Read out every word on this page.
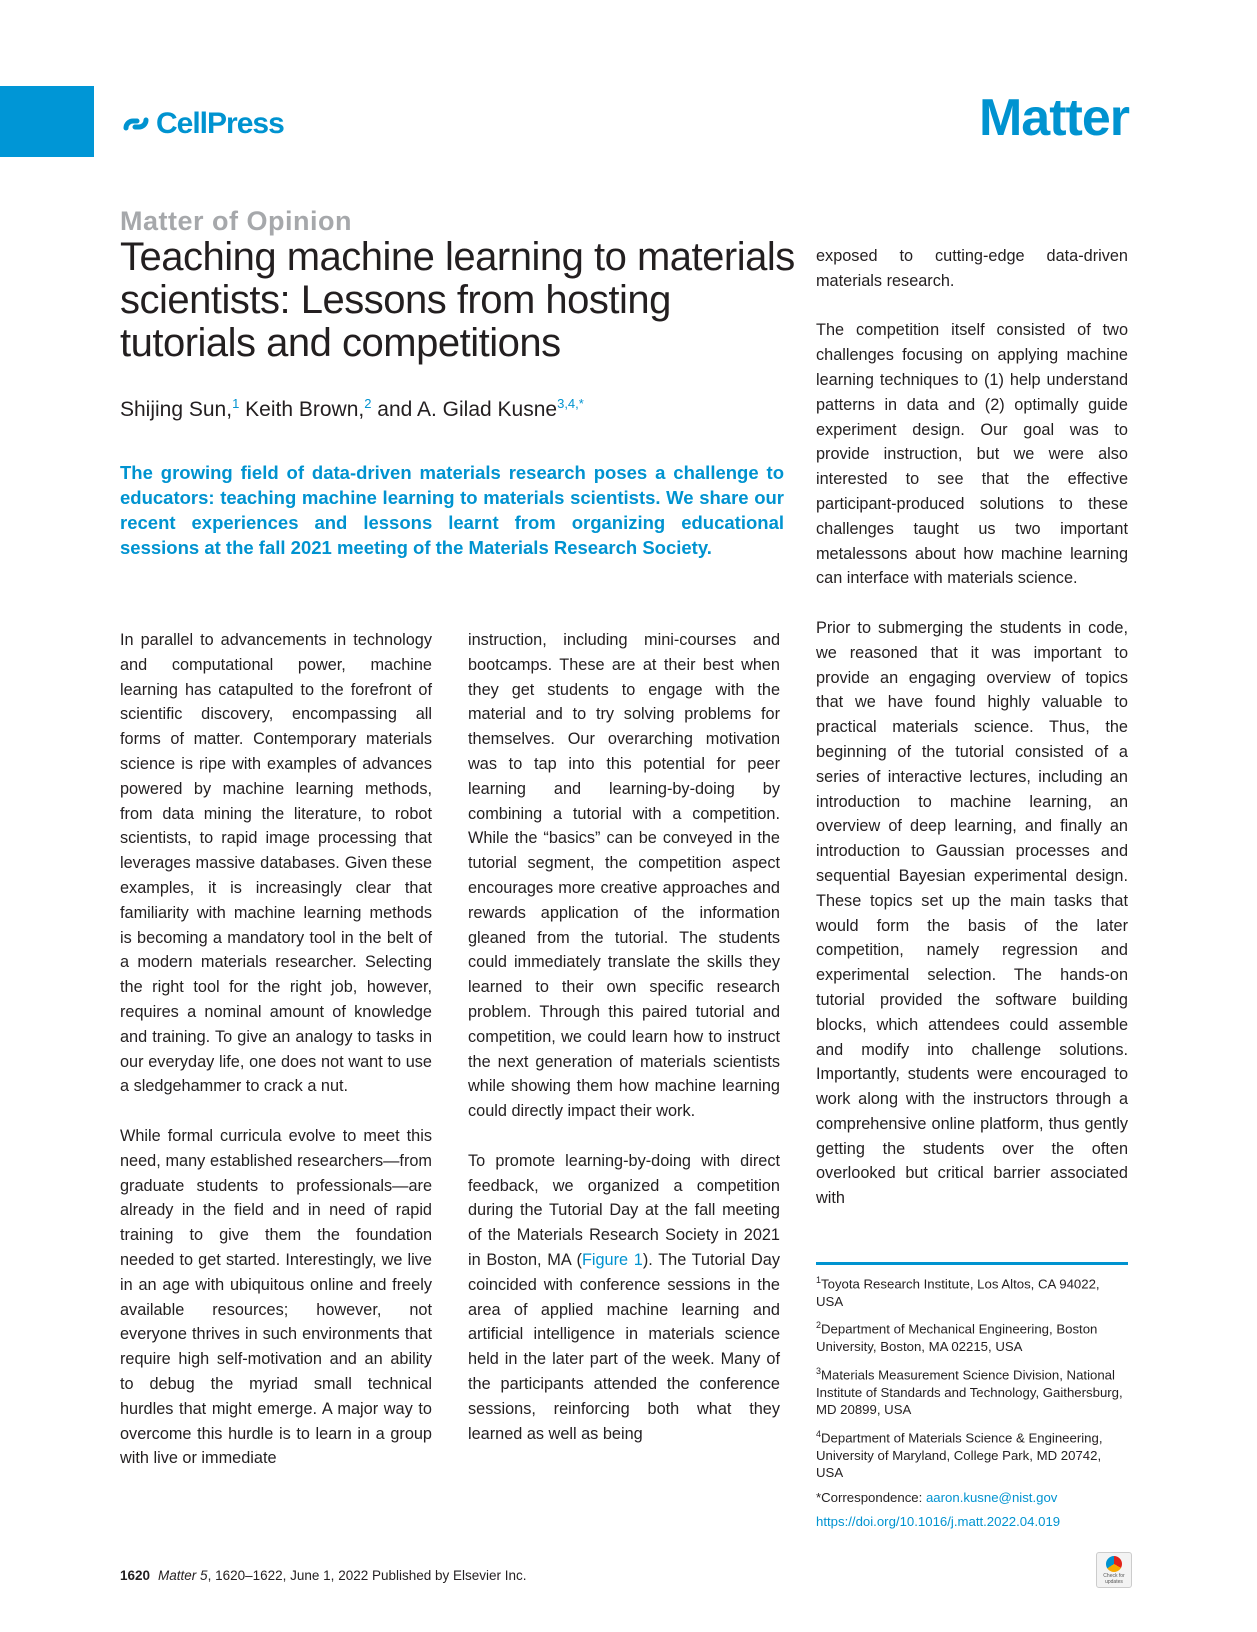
CellPress	Matter
Matter of Opinion
Teaching machine learning to materials scientists: Lessons from hosting tutorials and competitions
Shijing Sun,$^1$ Keith Brown,$^2$ and A. Gilad Kusne$^{3,4,*}$

The growing field of data-driven materials research poses a challenge to educators: teaching machine learning to materials scientists. We share our recent experiences and lessons learnt from organizing educational sessions at the fall 2021 meeting of the Materials Research Society.

In parallel to advancements in technology and computational power, machine learning has catapulted to the forefront of scientific discovery, encompassing all forms of matter. Contemporary materials science is ripe with examples of advances powered by machine learning methods, from data mining the literature, to robot scientists, to rapid image processing that leverages massive databases. Given these examples, it is increasingly clear that familiarity with machine learning methods is becoming a mandatory tool in the belt of a modern materials researcher. Selecting the right tool for the right job, however, requires a nominal amount of knowledge and training. To give an analogy to tasks in our everyday life, one does not want to use a sledgehammer to crack a nut.

While formal curricula evolve to meet this need, many established researchers—from graduate students to professionals—are already in the field and in need of rapid training to give them the foundation needed to get started. Interestingly, we live in an age with ubiquitous online and freely available resources; however, not everyone thrives in such environments that require high self-motivation and an ability to debug the myriad small technical hurdles that might emerge. A major way to overcome this hurdle is to learn in a group with live or immediate

instruction, including mini-courses and bootcamps. These are at their best when they get students to engage with the material and to try solving problems for themselves. Our overarching motivation was to tap into this potential for peer learning and learning-by-doing by combining a tutorial with a competition. While the “basics” can be conveyed in the tutorial segment, the competition aspect encourages more creative approaches and rewards application of the information gleaned from the tutorial. The students could immediately translate the skills they learned to their own specific research problem. Through this paired tutorial and competition, we could learn how to instruct the next generation of materials scientists while showing them how machine learning could directly impact their work.

To promote learning-by-doing with direct feedback, we organized a competition during the Tutorial Day at the fall meeting of the Materials Research Society in 2021 in Boston, MA (Figure 1). The Tutorial Day coincided with conference sessions in the area of applied machine learning and artificial intelligence in materials science held in the later part of the week. Many of the participants attended the conference sessions, reinforcing both what they learned as well as being

exposed to cutting-edge data-driven materials research.

The competition itself consisted of two challenges focusing on applying machine learning techniques to (1) help understand patterns in data and (2) optimally guide experiment design. Our goal was to provide instruction, but we were also interested to see that the effective participant-produced solutions to these challenges taught us two important metalessons about how machine learning can interface with materials science.

Prior to submerging the students in code, we reasoned that it was important to provide an engaging overview of topics that we have found highly valuable to practical materials science. Thus, the beginning of the tutorial consisted of a series of interactive lectures, including an introduction to machine learning, an overview of deep learning, and finally an introduction to Gaussian processes and sequential Bayesian experimental design. These topics set up the main tasks that would form the basis of the later competition, namely regression and experimental selection. The hands-on tutorial provided the software building blocks, which attendees could assemble and modify into challenge solutions. Importantly, students were encouraged to work along with the instructors through a comprehensive online platform, thus gently getting the students over the often overlooked but critical barrier associated with

$^1$Toyota Research Institute, Los Altos, CA 94022, USA

$^2$Department of Mechanical Engineering, Boston University, Boston, MA 02215, USA

$^3$Materials Measurement Science Division, National Institute of Standards and Technology, Gaithersburg, MD 20899, USA

$^4$Department of Materials Science & Engineering, University of Maryland, College Park, MD 20742, USA

*Correspondence: aaron.kusne@nist.gov

https://doi.org/10.1016/j.matt.2022.04.019

1620 Matter 5, 1620–1622, June 1, 2022 Published by Elsevier Inc.	Check for updates
